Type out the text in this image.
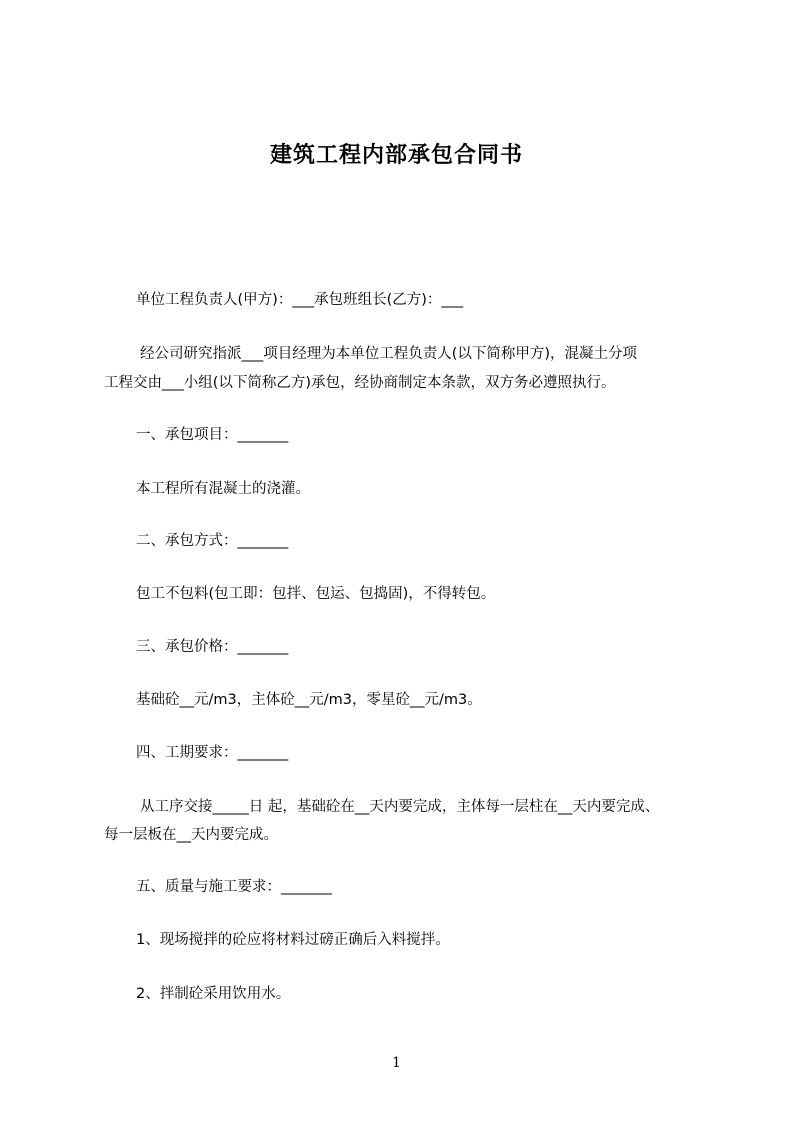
建筑工程内部承包合同书
单位工程负责人(甲方)：___承包班组长(乙方)：___
经公司研究指派___项目经理为本单位工程负责人(以下简称甲方)，混凝土分项
工程交由___小组(以下简称乙方)承包，经协商制定本条款，双方务必遵照执行。
一、承包项目：_______
本工程所有混凝土的浇灌。
二、承包方式：_______
包工不包料(包工即：包拌、包运、包捣固)，不得转包。
三、承包价格：_______
基础砼__元/m3，主体砼__元/m3，零星砼__元/m3。
四、工期要求：_______
从工序交接_____日 起，基础砼在__天内要完成，主体每一层柱在__天内要完成、
每一层板在__天内要完成。
五、质量与施工要求：_______
1、现场搅拌的砼应将材料过磅正确后入料搅拌。
2、拌制砼采用饮用水。
1
